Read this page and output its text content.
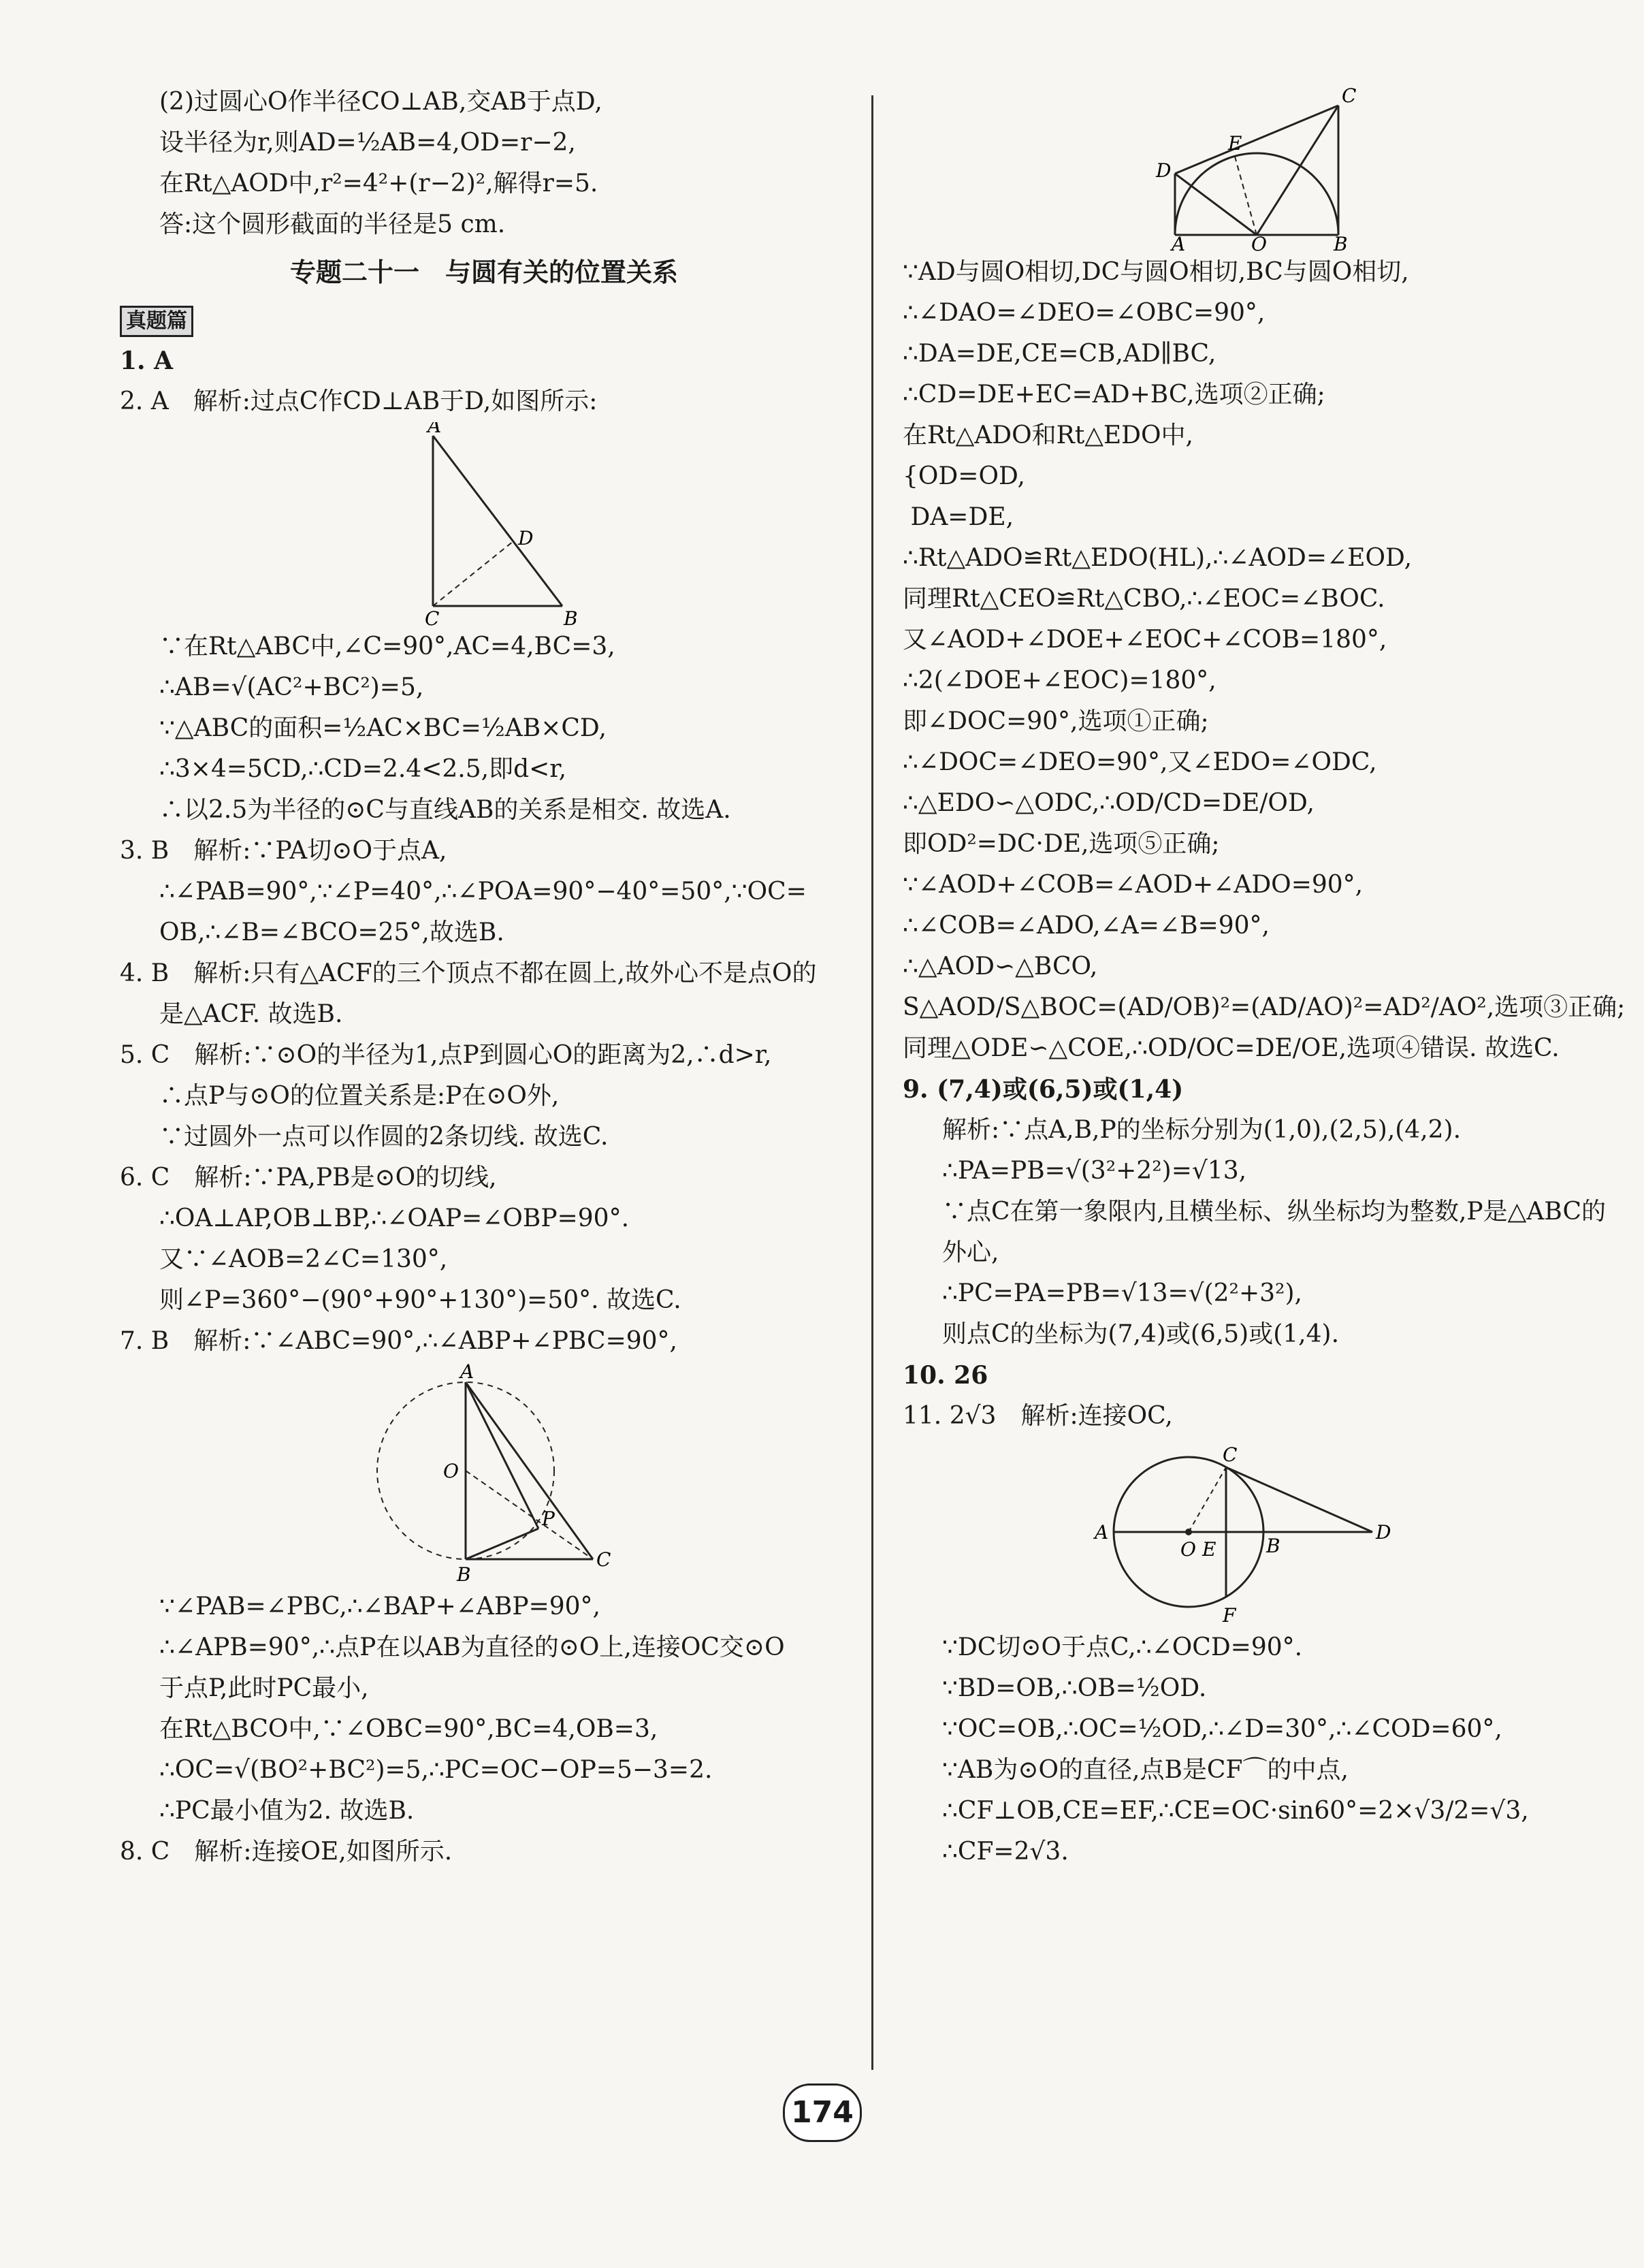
(2)过圆心O作半径CO⊥AB,交AB于点D,
设半径为r,则AD=½AB=4,OD=r−2,
在Rt△AOD中,r²=4²+(r−2)²,解得r=5.
答:这个圆形截面的半径是5 cm.
专题二十一　与圆有关的位置关系
真题篇
1. A
2. A　解析:过点C作CD⊥AB于D,如图所示:
A
D
C	B
∵在Rt△ABC中,∠C=90°,AC=4,BC=3,
∴AB=√(AC²+BC²)=5,
∵△ABC的面积=½AC×BC=½AB×CD,
∴3×4=5CD,∴CD=2.4<2.5,即d<r,
∴以2.5为半径的⊙C与直线AB的关系是相交. 故选A.
3. B　解析:∵PA切⊙O于点A,
∴∠PAB=90°,∵∠P=40°,∴∠POA=90°−40°=50°,∵OC=
OB,∴∠B=∠BCO=25°,故选B.
4. B　解析:只有△ACF的三个顶点不都在圆上,故外心不是点O的
是△ACF. 故选B.
5. C　解析:∵⊙O的半径为1,点P到圆心O的距离为2,∴d>r,
∴点P与⊙O的位置关系是:P在⊙O外,
∵过圆外一点可以作圆的2条切线. 故选C.
6. C　解析:∵PA,PB是⊙O的切线,
∴OA⊥AP,OB⊥BP,∴∠OAP=∠OBP=90°.
又∵∠AOB=2∠C=130°,
则∠P=360°−(90°+90°+130°)=50°. 故选C.
7. B　解析:∵∠ABC=90°,∴∠ABP+∠PBC=90°,
A
O
P
B
C
∵∠PAB=∠PBC,∴∠BAP+∠ABP=90°,
∴∠APB=90°,∴点P在以AB为直径的⊙O上,连接OC交⊙O
于点P,此时PC最小,
在Rt△BCO中,∵∠OBC=90°,BC=4,OB=3,
∴OC=√(BO²+BC²)=5,∴PC=OC−OP=5−3=2.
∴PC最小值为2. 故选B.
8. C　解析:连接OE,如图所示.
C
E
D
A	O	B
∵AD与圆O相切,DC与圆O相切,BC与圆O相切,
∴∠DAO=∠DEO=∠OBC=90°,
∴DA=DE,CE=CB,AD∥BC,
∴CD=DE+EC=AD+BC,选项②正确;
在Rt△ADO和Rt△EDO中,
{OD=OD,
DA=DE,
∴Rt△ADO≌Rt△EDO(HL),∴∠AOD=∠EOD,
同理Rt△CEO≌Rt△CBO,∴∠EOC=∠BOC.
又∠AOD+∠DOE+∠EOC+∠COB=180°,
∴2(∠DOE+∠EOC)=180°,
即∠DOC=90°,选项①正确;
∴∠DOC=∠DEO=90°,又∠EDO=∠ODC,
∴△EDO∽△ODC,∴OD/CD=DE/OD,
即OD²=DC·DE,选项⑤正确;
∵∠AOD+∠COB=∠AOD+∠ADO=90°,
∴∠COB=∠ADO,∠A=∠B=90°,
∴△AOD∽△BCO,
S△AOD/S△BOC=(AD/OB)²=(AD/AO)²=AD²/AO²,选项③正确;
同理△ODE∽△COE,∴OD/OC=DE/OE,选项④错误. 故选C.
9. (7,4)或(6,5)或(1,4)
解析:∵点A,B,P的坐标分别为(1,0),(2,5),(4,2).
∴PA=PB=√(3²+2²)=√13,
∵点C在第一象限内,且横坐标、纵坐标均为整数,P是△ABC的
外心,
∴PC=PA=PB=√13=√(2²+3²),
则点C的坐标为(7,4)或(6,5)或(1,4).
10. 26
11. 2√3　解析:连接OC,
C
A
O E	B
D
F
∵DC切⊙O于点C,∴∠OCD=90°.
∵BD=OB,∴OB=½OD.
∵OC=OB,∴OC=½OD,∴∠D=30°,∴∠COD=60°,
∵AB为⊙O的直径,点B是CF⌒的中点,
∴CF⊥OB,CE=EF,∴CE=OC·sin60°=2×√3/2=√3,
∴CF=2√3.
174
